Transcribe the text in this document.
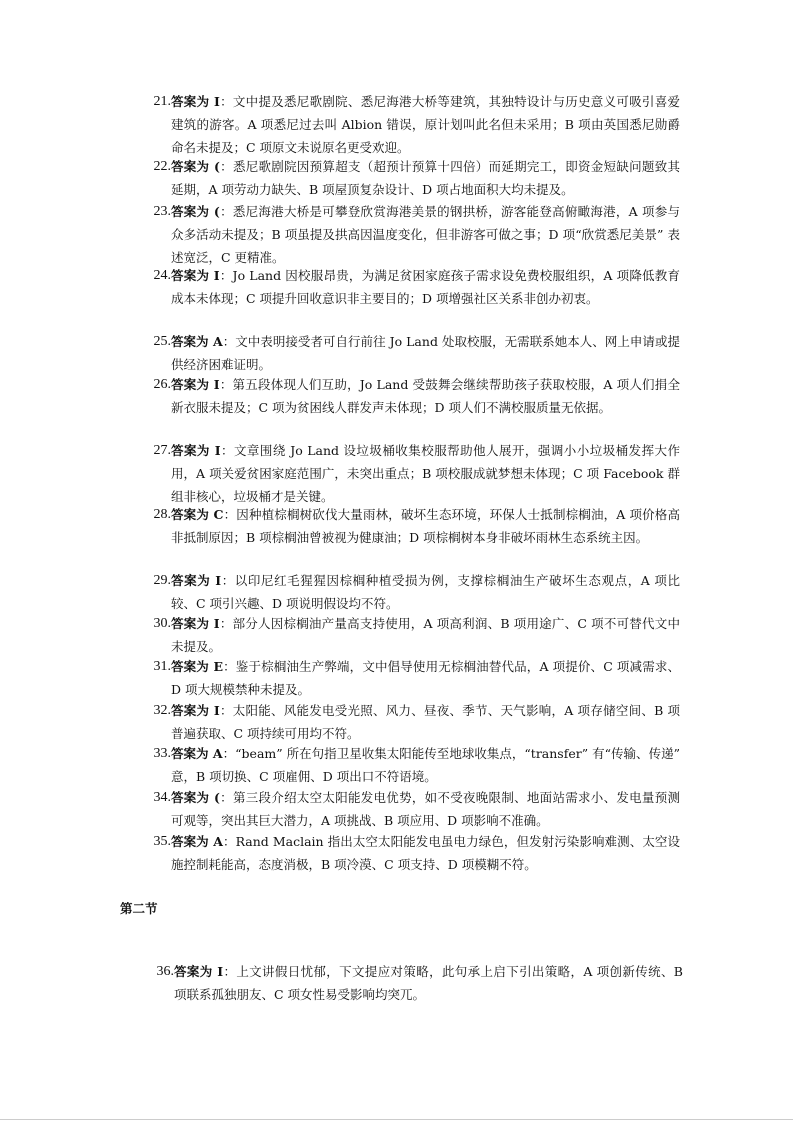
21. 答案为 I：文中提及悉尼歌剧院、悉尼海港大桥等建筑，其独特设计与历史意义可吸引喜爱建筑的游客。A 项悉尼过去叫 Albion 错误，原计划叫此名但未采用；B 项由英国悉尼勋爵命名未提及；C 项原文未说原名更受欢迎。
22. 答案为 (：悉尼歌剧院因预算超支（超预计预算十四倍）而延期完工，即资金短缺问题致其延期，A 项劳动力缺失、B 项屋顶复杂设计、D 项占地面积大均未提及。
23. 答案为 (：悉尼海港大桥是可攀登欣赏海港美景的钢拱桥，游客能登高俯瞰海港，A 项参与众多活动未提及；B 项虽提及拱高因温度变化，但非游客可做之事；D 项“欣赏悉尼美景” 表述宽泛，C 更精准。
24. 答案为 I：Jo Land 因校服昂贵，为满足贫困家庭孩子需求设免费校服组织，A 项降低教育成本未体现；C 项提升回收意识非主要目的；D 项增强社区关系非创办初衷。
25. 答案为 A：文中表明接受者可自行前往 Jo Land 处取校服，无需联系她本人、网上申请或提供经济困难证明。
26. 答案为 I：第五段体现人们互助，Jo Land 受鼓舞会继续帮助孩子获取校服，A 项人们捐全新衣服未提及；C 项为贫困线人群发声未体现；D 项人们不满校服质量无依据。
27. 答案为 I：文章围绕 Jo Land 设垃圾桶收集校服帮助他人展开，强调小小垃圾桶发挥大作用，A 项关爱贫困家庭范围广，未突出重点；B 项校服成就梦想未体现；C 项 Facebook 群组非核心，垃圾桶才是关键。
28. 答案为 C：因种植棕榈树砍伐大量雨林，破坏生态环境，环保人士抵制棕榈油，A 项价格高非抵制原因；B 项棕榈油曾被视为健康油；D 项棕榈树本身非破坏雨林生态系统主因。
29. 答案为 I：以印尼红毛猩猩因棕榈种植受损为例，支撑棕榈油生产破坏生态观点，A 项比较、C 项引兴趣、D 项说明假设均不符。
30. 答案为 I：部分人因棕榈油产量高支持使用，A 项高利润、B 项用途广、C 项不可替代文中未提及。
31. 答案为 E：鉴于棕榈油生产弊端，文中倡导使用无棕榈油替代品，A 项提价、C 项减需求、D 项大规模禁种未提及。
32. 答案为 I：太阳能、风能发电受光照、风力、昼夜、季节、天气影响，A 项存储空间、B 项普遍获取、C 项持续可用均不符。
33. 答案为 A：“beam” 所在句指卫星收集太阳能传至地球收集点，“transfer” 有“传输、传递” 意，B 项切换、C 项雇佣、D 项出口不符语境。
34. 答案为 (：第三段介绍太空太阳能发电优势，如不受夜晚限制、地面站需求小、发电量预测可观等，突出其巨大潜力，A 项挑战、B 项应用、D 项影响不准确。
35. 答案为 A：Rand Maclain 指出太空太阳能发电虽电力绿色，但发射污染影响难测、太空设施控制耗能高，态度消极，B 项冷漠、C 项支持、D 项模糊不符。
第二节
36. 答案为 I：上文讲假日忧郁，下文提应对策略，此句承上启下引出策略，A 项创新传统、B 项联系孤独朋友、C 项女性易受影响均突兀。
